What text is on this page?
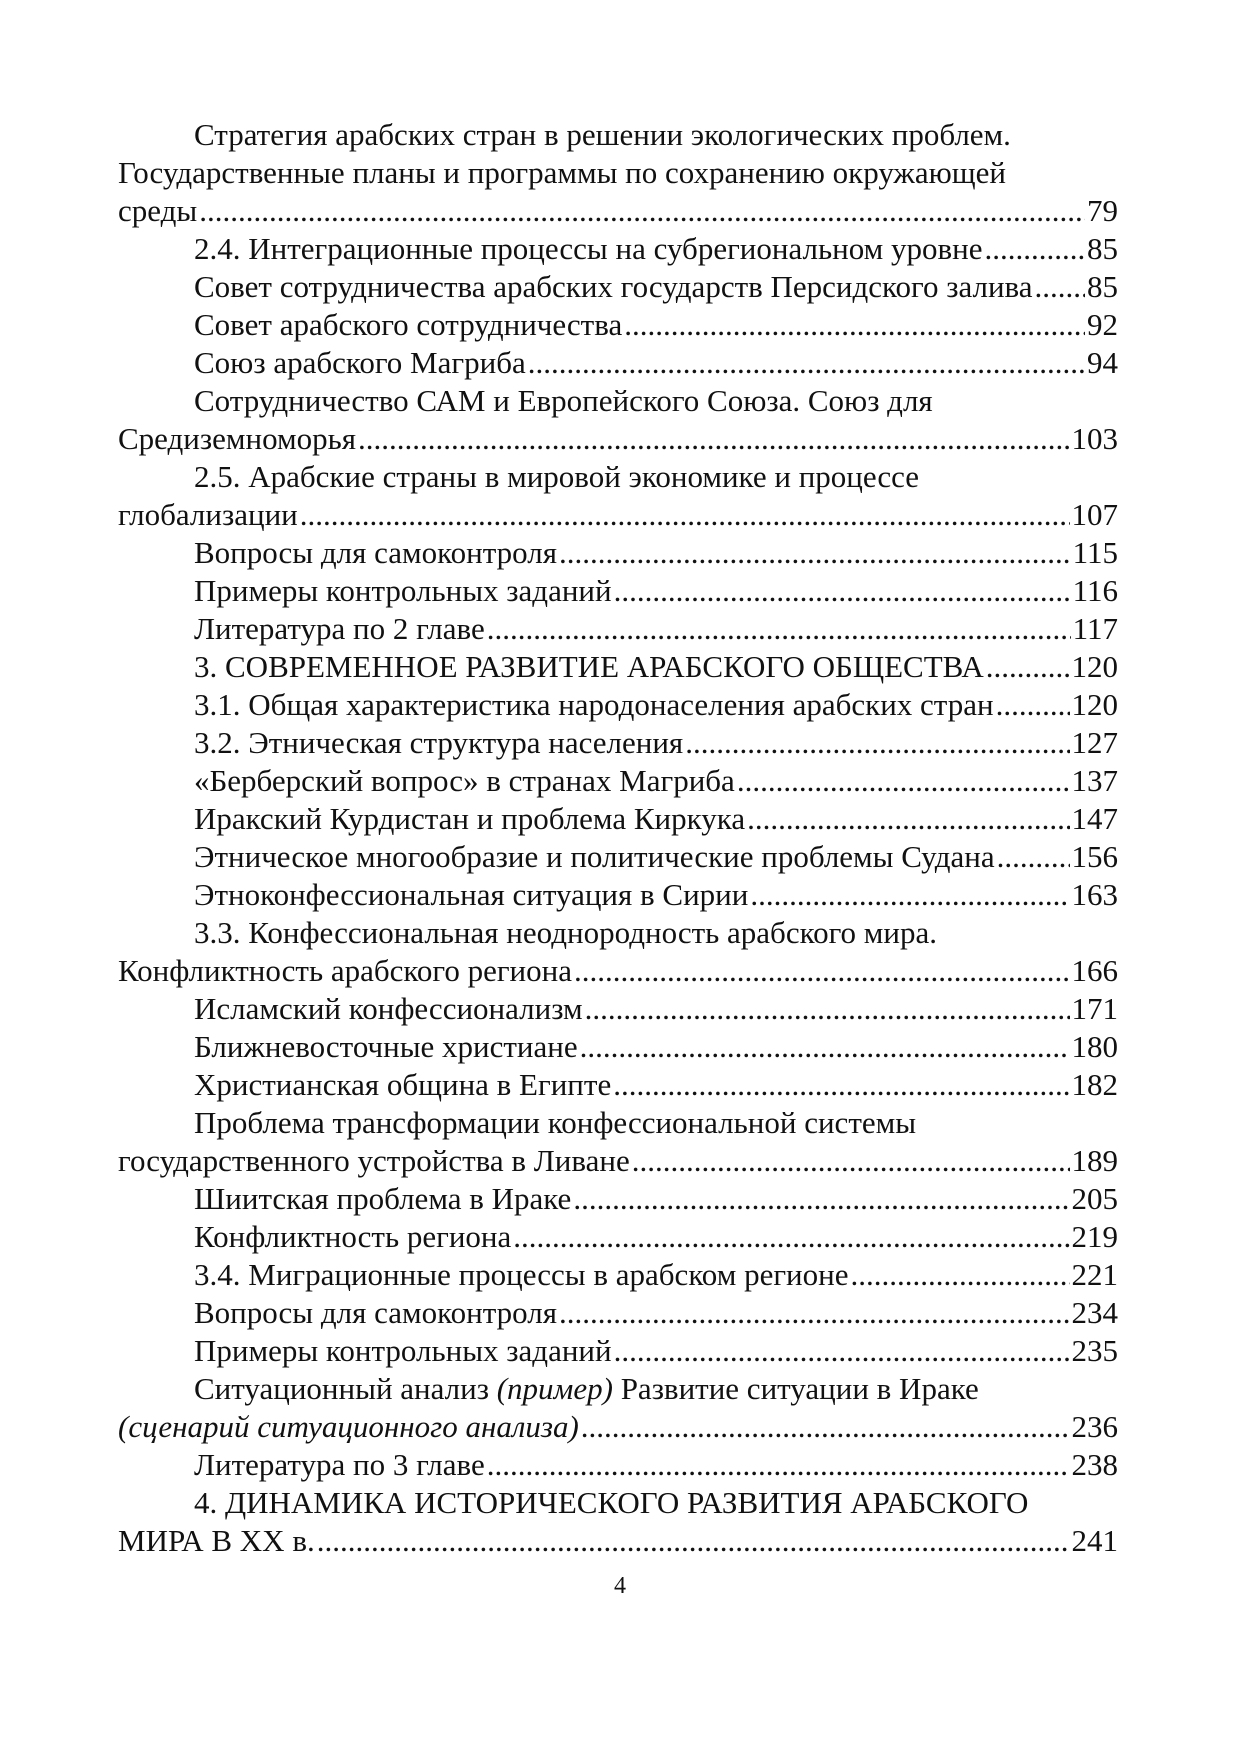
Стратегия арабских стран в решении экологических проблем.
Государственные планы и программы по сохранению окружающей
среды .....	79
2.4. Интеграционные процессы на субрегиональном уровне .....	85
Совет сотрудничества арабских государств Персидского залива ..... 85
Совет арабского сотрудничества .....	92
Союз арабского Магриба .....	94
Сотрудничество САМ и Европейского Союза. Союз для
Средиземноморья .....	103
2.5. Арабские страны в мировой экономике и процессе
глобализации .....	107
Вопросы для самоконтроля .....	115
Примеры контрольных заданий .....	116
Литература по 2 главе .....	117
3. СОВРЕМЕННОЕ РАЗВИТИЕ АРАБСКОГО ОБЩЕСТВА .....	120
3.1. Общая характеристика народонаселения арабских стран .....	120
3.2. Этническая структура населения .....	127
«Берберский вопрос» в странах Магриба .....	137
Иракский Курдистан и проблема Киркука .....	147
Этническое многообразие и политические проблемы Судана ..... 156
Этноконфессиональная ситуация в Сирии .....	163
3.3. Конфессиональная неоднородность арабского мира.
Конфликтность арабского региона .....	166
Исламский конфессионализм .....	171
Ближневосточные христиане .....	180
Христианская община в Египте .....	182
Проблема трансформации конфессиональной системы
государственного устройства в Ливане .....	189
Шиитская проблема в Ираке .....	205
Конфликтность региона .....	219
3.4. Миграционные процессы в арабском регионе .....	221
Вопросы для самоконтроля .....	234
Примеры контрольных заданий .....	235
Ситуационный анализ (пример) Развитие ситуации в Ираке
(сценарий ситуационного анализа) .....	236
Литература по 3 главе .....	238
4. ДИНАМИКА ИСТОРИЧЕСКОГО РАЗВИТИЯ АРАБСКОГО
МИРА В XX в. .....	241
4
